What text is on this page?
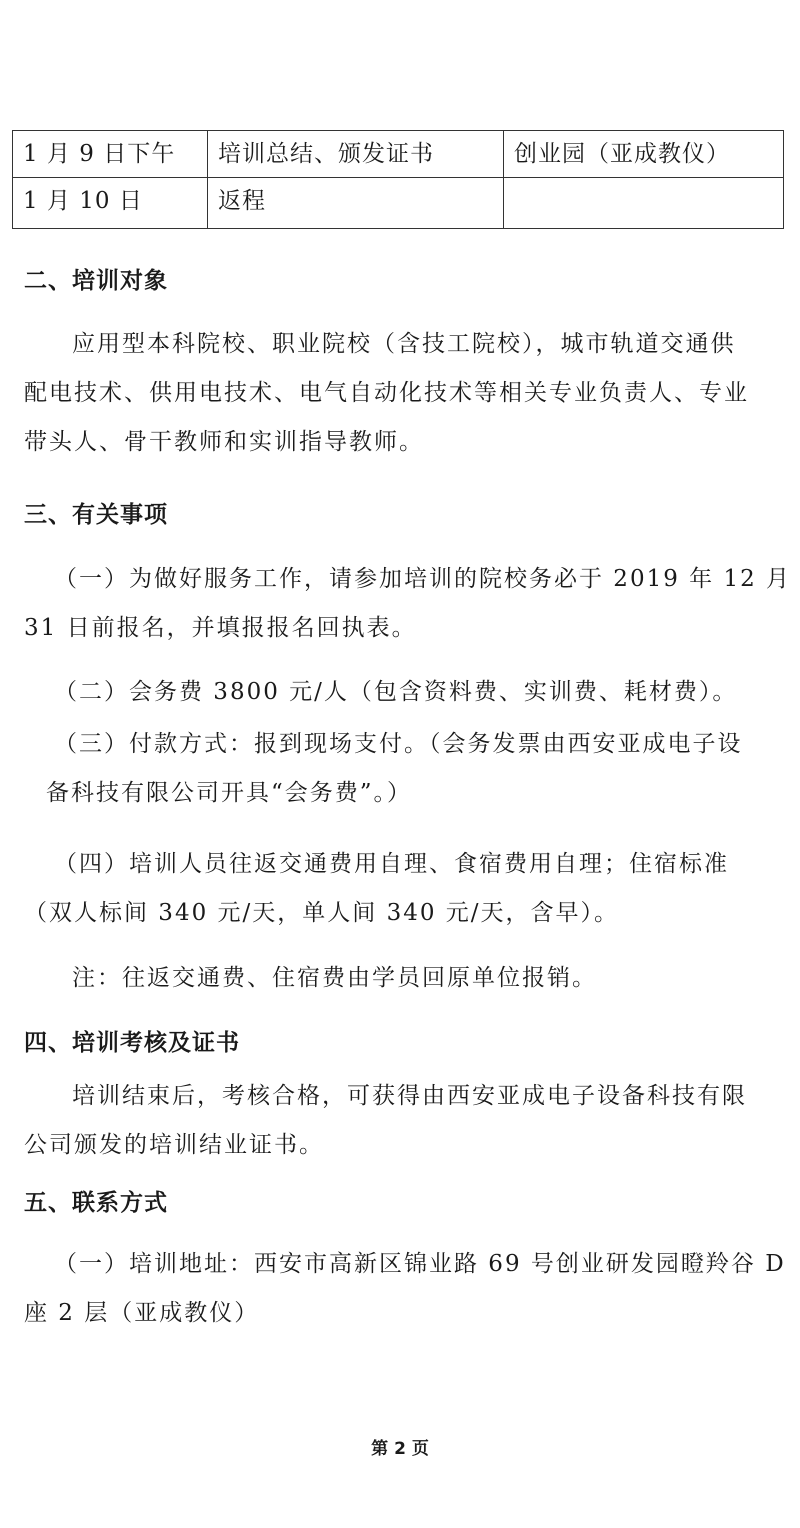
1 月 9 日下午	培训总结、颁发证书	创业园（亚成教仪）
1 月 10 日	返程	
二、培训对象
应用型本科院校、职业院校（含技工院校），城市轨道交通供
配电技术、供用电技术、电气自动化技术等相关专业负责人、专业
带头人、骨干教师和实训指导教师。
三、有关事项
（一）为做好服务工作，请参加培训的院校务必于 2019 年 12 月
31 日前报名，并填报报名回执表。
（二）会务费 3800 元/人（包含资料费、实训费、耗材费）。
（三）付款方式：报到现场支付。（会务发票由西安亚成电子设
备科技有限公司开具“会务费”。）
（四）培训人员往返交通费用自理、食宿费用自理；住宿标准
（双人标间 340 元/天，单人间 340 元/天，含早）。
注：往返交通费、住宿费由学员回原单位报销。
四、培训考核及证书
培训结束后，考核合格，可获得由西安亚成电子设备科技有限
公司颁发的培训结业证书。
五、联系方式
（一）培训地址：西安市高新区锦业路 69 号创业研发园瞪羚谷 D
座 2 层（亚成教仪）
第 2 页
